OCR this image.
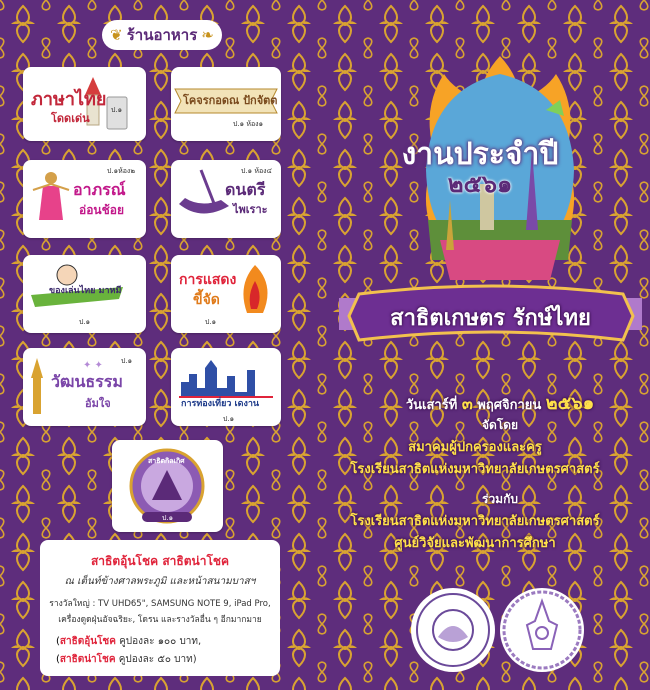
❦ ร้านอาหาร ❧
ภาษาไทย
โดดเด่น
ป.๑
โคจรกอดณ ปักจัตต
ป.๑ ห้อง๑
ป.๑ห้อง๒
อาภรณ์
อ่อนช้อย
ป.๑ ห้อง๔
ดนตรี
ไพเราะ
ของเล่นไทย มาหมี
ป.๑
การแสดง
ขี้จัด
ป.๑
✦ ✦	ป.๑
วัฒนธรรม
อัมใจ	การท่องเที่ยว เดงาน
ป.๑
สาธิตกิลเกิศ
ป.๑
สาธิตอุ้นโชค สาธิตน่าโชค
ณ เต็นท์ข้างศาลพระภูมิ และหน้าสนามบาสฯ
รางวัลใหญ่ : TV UHD65", SAMSUNG NOTE 9, iPad Pro,
เครื่องดูดฝุ่นอัจฉริยะ, โดรน และรางวัลอื่น ๆ อีกมากมาย
(สาธิตอุ้นโชค คูปองละ ๑๐๐ บาท,
(สาธิตน่าโชค คูปองละ ๕๐ บาท)
งานประจำปี
๒๕๖๑
สาธิตเกษตร รักษ์ไทย
วันเสาร์ที่ ๓ พฤศจิกายน ๒๕๖๑
จัดโดย
สมาคมผู้ปกครองและครู
โรงเรียนสาธิตแห่งมหาวิทยาลัยเกษตรศาสตร์
ร่วมกับ
โรงเรียนสาธิตแห่งมหาวิทยาลัยเกษตรศาสตร์
ศูนย์วิจัยและพัฒนาการศึกษา
